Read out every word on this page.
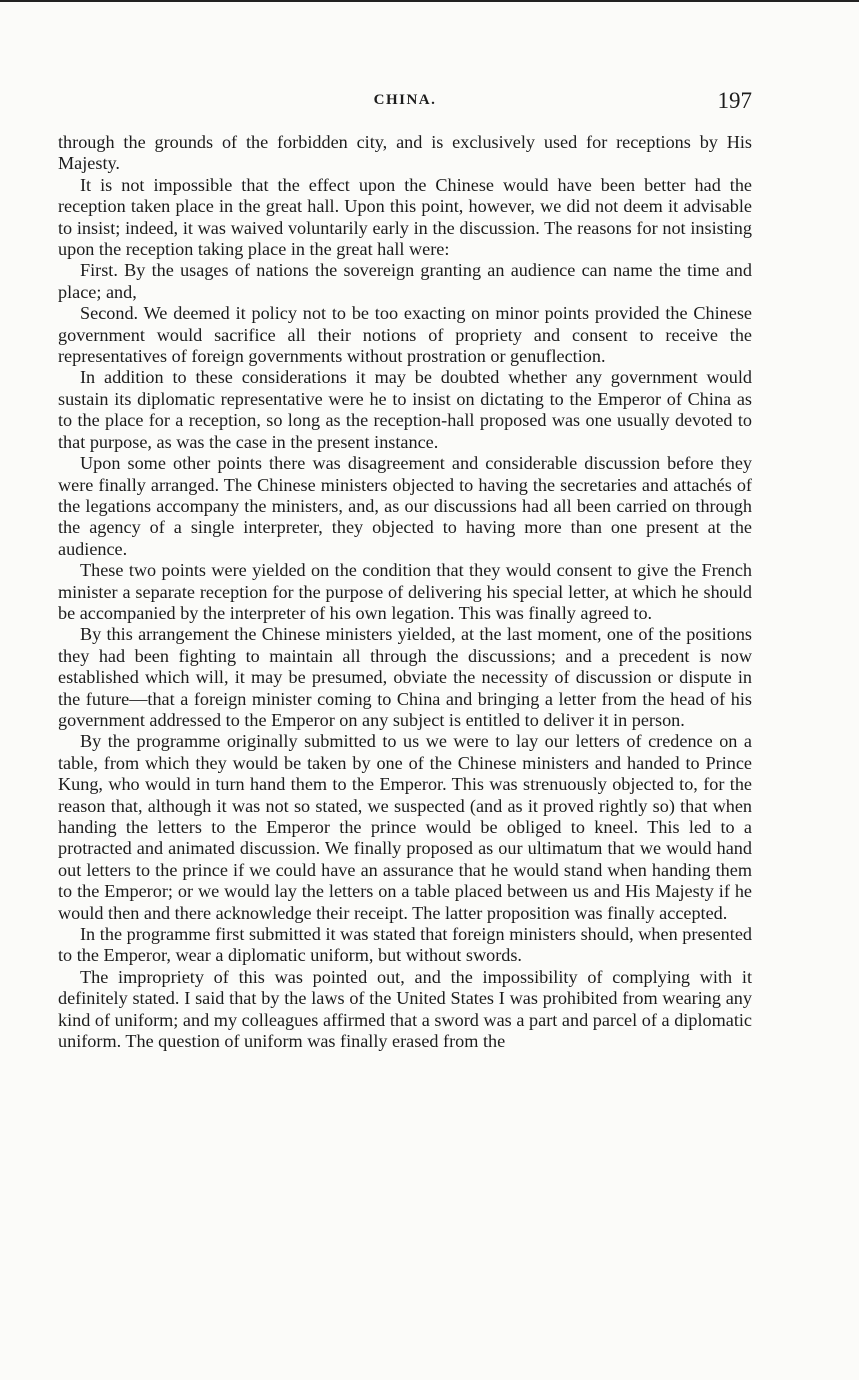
CHINA.	197

through the grounds of the forbidden city, and is exclusively used for receptions by His Majesty.

It is not impossible that the effect upon the Chinese would have been better had the reception taken place in the great hall. Upon this point, however, we did not deem it advisable to insist; indeed, it was waived voluntarily early in the discussion. The reasons for not insisting upon the reception taking place in the great hall were:

First. By the usages of nations the sovereign granting an audience can name the time and place; and,

Second. We deemed it policy not to be too exacting on minor points provided the Chinese government would sacrifice all their notions of propriety and consent to receive the representatives of foreign governments without prostration or genuflection.

In addition to these considerations it may be doubted whether any government would sustain its diplomatic representative were he to insist on dictating to the Emperor of China as to the place for a reception, so long as the reception-hall proposed was one usually devoted to that purpose, as was the case in the present instance.

Upon some other points there was disagreement and considerable discussion before they were finally arranged. The Chinese ministers objected to having the secretaries and attachés of the legations accompany the ministers, and, as our discussions had all been carried on through the agency of a single interpreter, they objected to having more than one present at the audience.

These two points were yielded on the condition that they would consent to give the French minister a separate reception for the purpose of delivering his special letter, at which he should be accompanied by the interpreter of his own legation. This was finally agreed to.

By this arrangement the Chinese ministers yielded, at the last moment, one of the positions they had been fighting to maintain all through the discussions; and a precedent is now established which will, it may be presumed, obviate the necessity of discussion or dispute in the future—that a foreign minister coming to China and bringing a letter from the head of his government addressed to the Emperor on any subject is entitled to deliver it in person.

By the programme originally submitted to us we were to lay our letters of credence on a table, from which they would be taken by one of the Chinese ministers and handed to Prince Kung, who would in turn hand them to the Emperor. This was strenuously objected to, for the reason that, although it was not so stated, we suspected (and as it proved rightly so) that when handing the letters to the Emperor the prince would be obliged to kneel. This led to a protracted and animated discussion. We finally proposed as our ultimatum that we would hand out letters to the prince if we could have an assurance that he would stand when handing them to the Emperor; or we would lay the letters on a table placed between us and His Majesty if he would then and there acknowledge their receipt. The latter proposition was finally accepted.

In the programme first submitted it was stated that foreign ministers should, when presented to the Emperor, wear a diplomatic uniform, but without swords.

The impropriety of this was pointed out, and the impossibility of complying with it definitely stated. I said that by the laws of the United States I was prohibited from wearing any kind of uniform; and my colleagues affirmed that a sword was a part and parcel of a diplomatic uniform. The question of uniform was finally erased from the
